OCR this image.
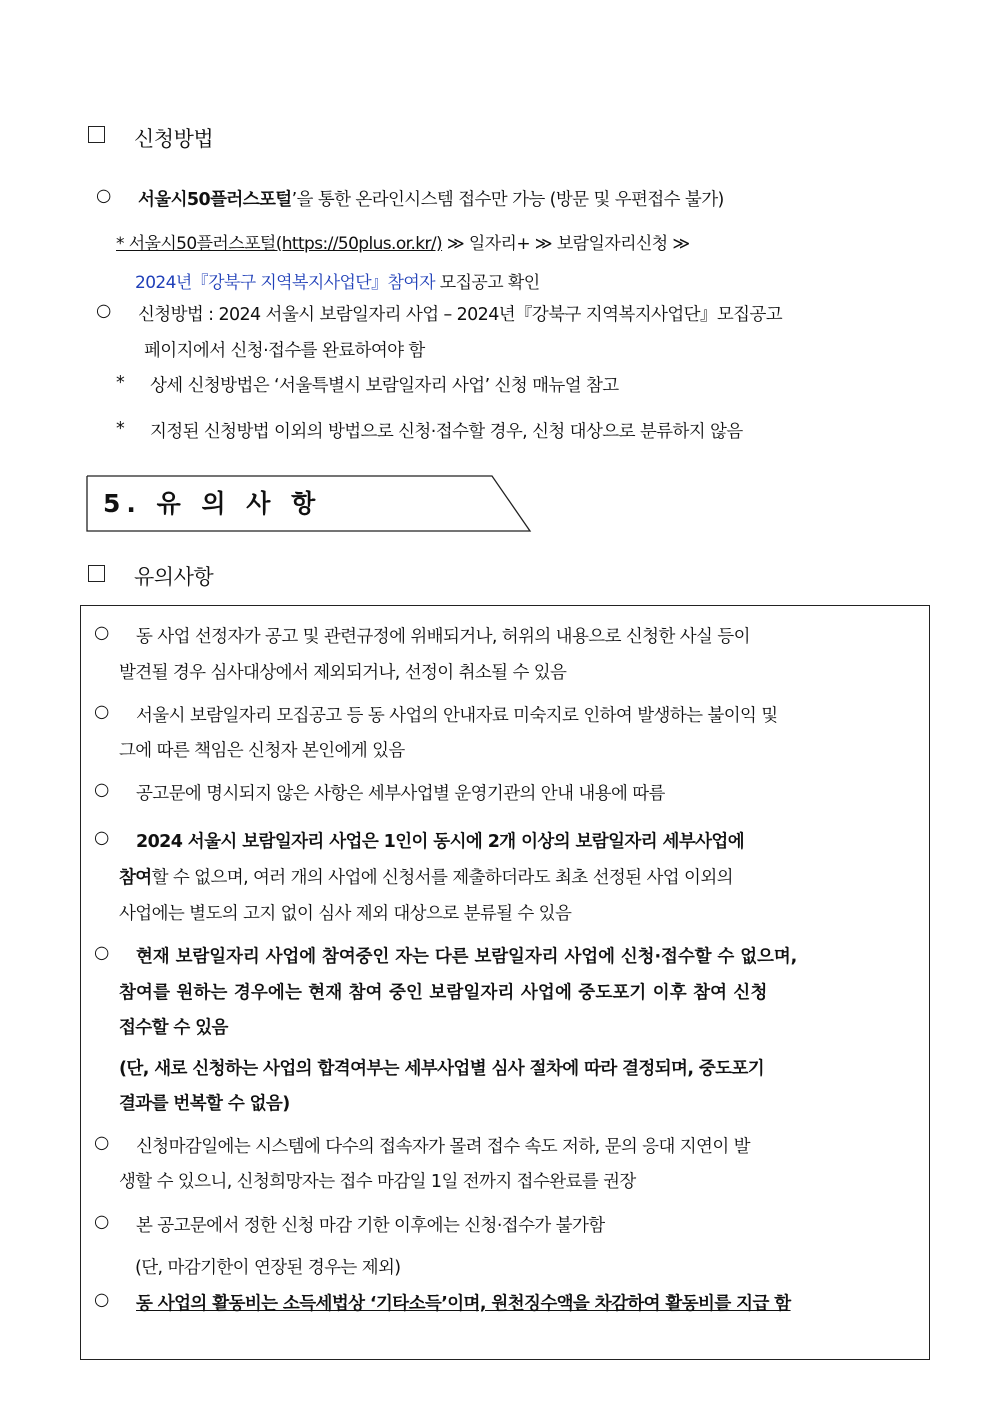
신청방법
○ 서울시50플러스포털’을 통한 온라인시스템 접수만 가능 (방문 및 우편접수 불가)
* 서울시50플러스포털(https://50plus.or.kr/) ≫ 일자리+ ≫ 보람일자리신청 ≫
2024년『강북구 지역복지사업단』참여자 모집공고 확인
○ 신청방법 : 2024 서울시 보람일자리 사업 – 2024년『강북구 지역복지사업단』모집공고
페이지에서 신청·접수를 완료하여야 함
* 상세 신청방법은 ‘서울특별시 보람일자리 사업’ 신청 매뉴얼 참고
* 지정된 신청방법 이외의 방법으로 신청·접수할 경우, 신청 대상으로 분류하지 않음
5. 유 의 사 항
유의사항
○ 동 사업 선정자가 공고 및 관련규정에 위배되거나, 허위의 내용으로 신청한 사실 등이
발견될 경우 심사대상에서 제외되거나, 선정이 취소될 수 있음
○ 서울시 보람일자리 모집공고 등 동 사업의 안내자료 미숙지로 인하여 발생하는 불이익 및
그에 따른 책임은 신청자 본인에게 있음
○ 공고문에 명시되지 않은 사항은 세부사업별 운영기관의 안내 내용에 따름
○ 2024 서울시 보람일자리 사업은 1인이 동시에 2개 이상의 보람일자리 세부사업에
참여할 수 없으며, 여러 개의 사업에 신청서를 제출하더라도 최초 선정된 사업 이외의
사업에는 별도의 고지 없이 심사 제외 대상으로 분류될 수 있음
○ 현재 보람일자리 사업에 참여중인 자는 다른 보람일자리 사업에 신청·접수할 수 없으며,
참여를 원하는 경우에는 현재 참여 중인 보람일자리 사업에 중도포기 이후 참여 신청
접수할 수 있음
(단, 새로 신청하는 사업의 합격여부는 세부사업별 심사 절차에 따라 결정되며, 중도포기
결과를 번복할 수 없음)
○ 신청마감일에는 시스템에 다수의 접속자가 몰려 접수 속도 저하, 문의 응대 지연이 발
생할 수 있으니, 신청희망자는 접수 마감일 1일 전까지 접수완료를 권장
○ 본 공고문에서 정한 신청 마감 기한 이후에는 신청·접수가 불가함
(단, 마감기한이 연장된 경우는 제외)
○ 동 사업의 활동비는 소득세법상 ‘기타소득’이며, 원천징수액을 차감하여 활동비를 지급 함
